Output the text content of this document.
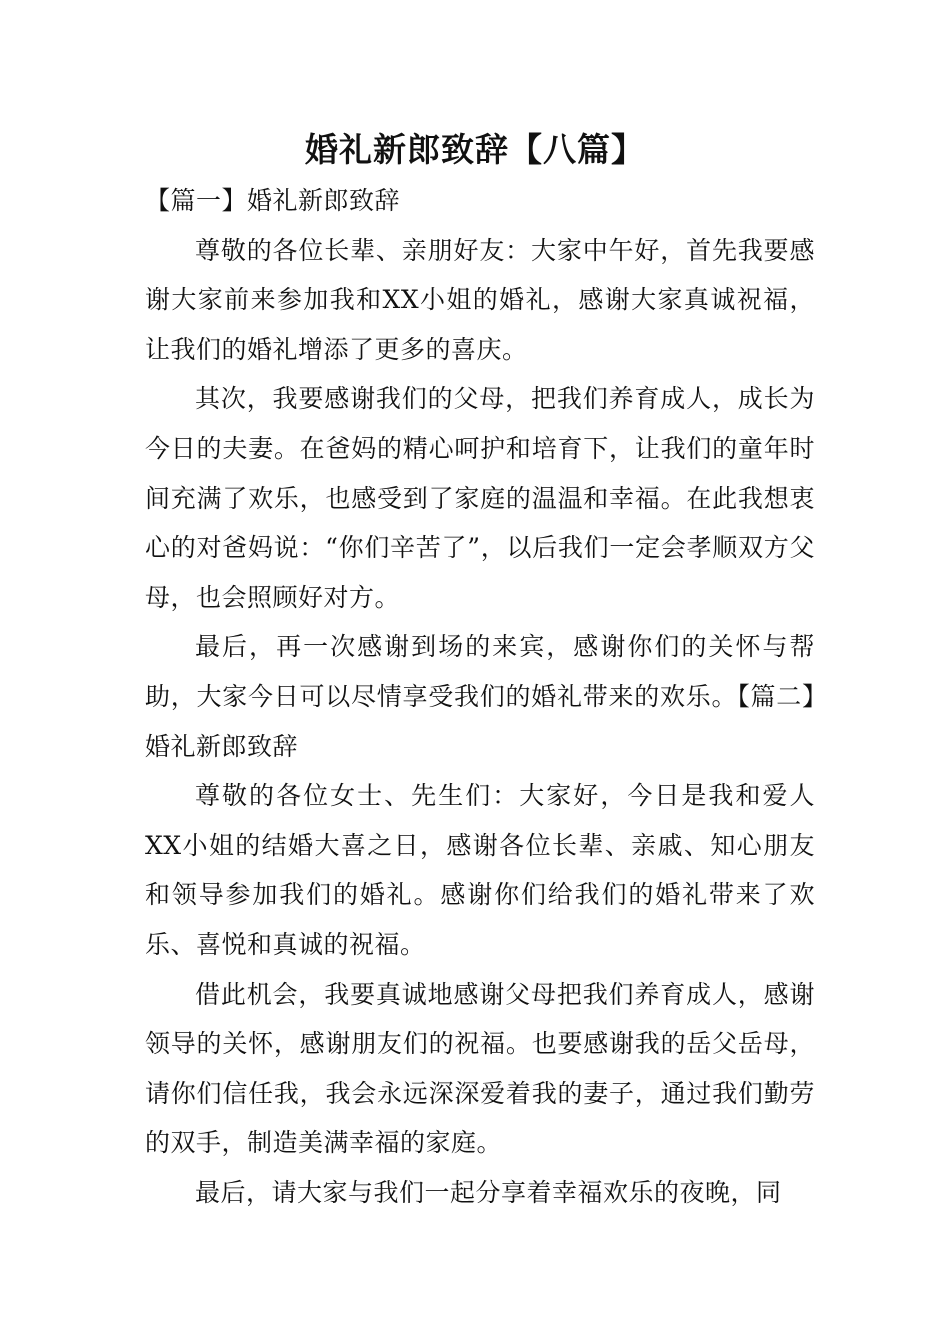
婚礼新郎致辞【八篇】

【篇一】婚礼新郎致辞

尊敬的各位长辈、亲朋好友：大家中午好，首先我要感谢大家前来参加我和XX小姐的婚礼，感谢大家真诚祝福，让我们的婚礼增添了更多的喜庆。

其次，我要感谢我们的父母，把我们养育成人，成长为今日的夫妻。在爸妈的精心呵护和培育下，让我们的童年时间充满了欢乐，也感受到了家庭的温温和幸福。在此我想衷心的对爸妈说：“你们辛苦了”，以后我们一定会孝顺双方父母，也会照顾好对方。

最后，再一次感谢到场的来宾，感谢你们的关怀与帮助，大家今日可以尽情享受我们的婚礼带来的欢乐。【篇二】婚礼新郎致辞

尊敬的各位女士、先生们：大家好，今日是我和爱人XX小姐的结婚大喜之日，感谢各位长辈、亲戚、知心朋友和领导参加我们的婚礼。感谢你们给我们的婚礼带来了欢乐、喜悦和真诚的祝福。

借此机会，我要真诚地感谢父母把我们养育成人，感谢领导的关怀，感谢朋友们的祝福。也要感谢我的岳父岳母，请你们信任我，我会永远深深爱着我的妻子，通过我们勤劳的双手，制造美满幸福的家庭。

最后，请大家与我们一起分享着幸福欢乐的夜晚，同
